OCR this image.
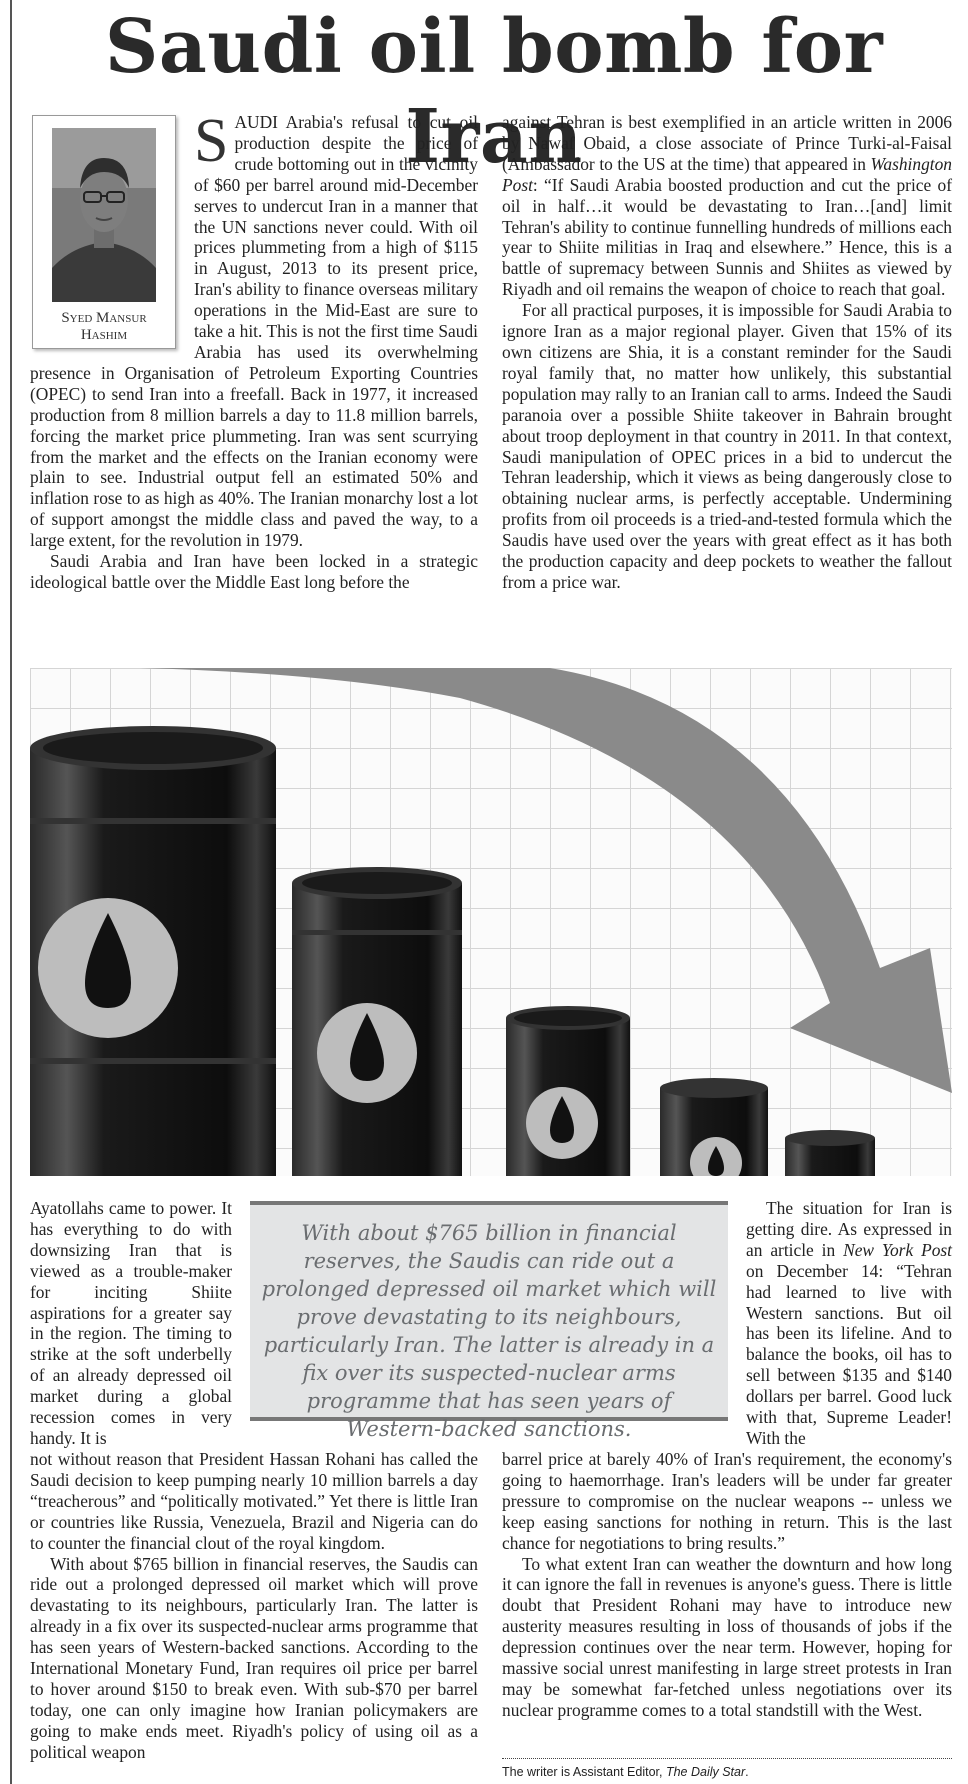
Saudi oil bomb for Iran
Syed Mansur
Hashim

SAUDI Arabia's refusal to cut oil production despite the price of crude bottoming out in the vicinity of $60 per barrel around mid-December serves to undercut Iran in a manner that the UN sanctions never could. With oil prices plummeting from a high of $115 in August, 2013 to its present price, Iran's ability to finance overseas military operations in the Mid-East are sure to take a hit. This is not the first time Saudi Arabia has used its overwhelming presence in Organisation of Petroleum Exporting Countries (OPEC) to send Iran into a freefall. Back in 1977, it increased production from 8 million barrels a day to 11.8 million barrels, forcing the market price plummeting. Iran was sent scurrying from the market and the effects on the Iranian economy were plain to see. Industrial output fell an estimated 50% and inflation rose to as high as 40%. The Iranian monarchy lost a lot of support amongst the middle class and paved the way, to a large extent, for the revolution in 1979.

Saudi Arabia and Iran have been locked in a strategic ideological battle over the Middle East long before the

against Tehran is best exemplified in an article written in 2006 by Nawaf Obaid, a close associate of Prince Turki-al-Faisal (Ambassador to the US at the time) that appeared in Washington Post: “If Saudi Arabia boosted production and cut the price of oil in half…it would be devastating to Iran…[and] limit Tehran's ability to continue funnelling hundreds of millions each year to Shiite militias in Iraq and elsewhere.” Hence, this is a battle of supremacy between Sunnis and Shiites as viewed by Riyadh and oil remains the weapon of choice to reach that goal.

For all practical purposes, it is impossible for Saudi Arabia to ignore Iran as a major regional player. Given that 15% of its own citizens are Shia, it is a constant reminder for the Saudi royal family that, no matter how unlikely, this substantial population may rally to an Iranian call to arms. Indeed the Saudi paranoia over a possible Shiite takeover in Bahrain brought about troop deployment in that country in 2011. In that context, Saudi manipulation of OPEC prices in a bid to undercut the Tehran leadership, which it views as being dangerously close to obtaining nuclear arms, is perfectly acceptable. Undermining profits from oil proceeds is a tried-and-tested formula which the Saudis have used over the years with great effect as it has both the production capacity and deep pockets to weather the fallout from a price war.

Ayatollahs came to power. It has everything to do with downsizing Iran that is viewed as a trouble-maker for inciting Shiite aspirations for a greater say in the region. The timing to strike at the soft underbelly of an already depressed oil market during a global recession comes in very handy. It is

With about $765 billion in financial reserves, the Saudis can ride out a prolonged depressed oil market which will prove devastating to its neighbours, particularly Iran. The latter is already in a fix over its suspected-nuclear arms programme that has seen years of Western-backed sanctions.

The situation for Iran is getting dire. As expressed in an article in New York Post on December 14: “Tehran had learned to live with Western sanctions. But oil has been its lifeline. And to balance the books, oil has to sell between $135 and $140 dollars per barrel. Good luck with that, Supreme Leader! With the

not without reason that President Hassan Rohani has called the Saudi decision to keep pumping nearly 10 million barrels a day “treacherous” and “politically motivated.” Yet there is little Iran or countries like Russia, Venezuela, Brazil and Nigeria can do to counter the financial clout of the royal kingdom.

With about $765 billion in financial reserves, the Saudis can ride out a prolonged depressed oil market which will prove devastating to its neighbours, particularly Iran. The latter is already in a fix over its suspected-nuclear arms programme that has seen years of Western-backed sanctions. According to the International Monetary Fund, Iran requires oil price per barrel to hover around $150 to break even. With sub-$70 per barrel today, one can only imagine how Iranian policymakers are going to make ends meet. Riyadh's policy of using oil as a political weapon

barrel price at barely 40% of Iran's requirement, the economy's going to haemorrhage. Iran's leaders will be under far greater pressure to compromise on the nuclear weapons -- unless we keep easing sanctions for nothing in return. This is the last chance for negotiations to bring results.”

To what extent Iran can weather the downturn and how long it can ignore the fall in revenues is anyone's guess. There is little doubt that President Rohani may have to introduce new austerity measures resulting in loss of thousands of jobs if the depression continues over the near term. However, hoping for massive social unrest manifesting in large street protests in Iran may be somewhat far-fetched unless negotiations over its nuclear programme comes to a total standstill with the West.

The writer is Assistant Editor, The Daily Star.
